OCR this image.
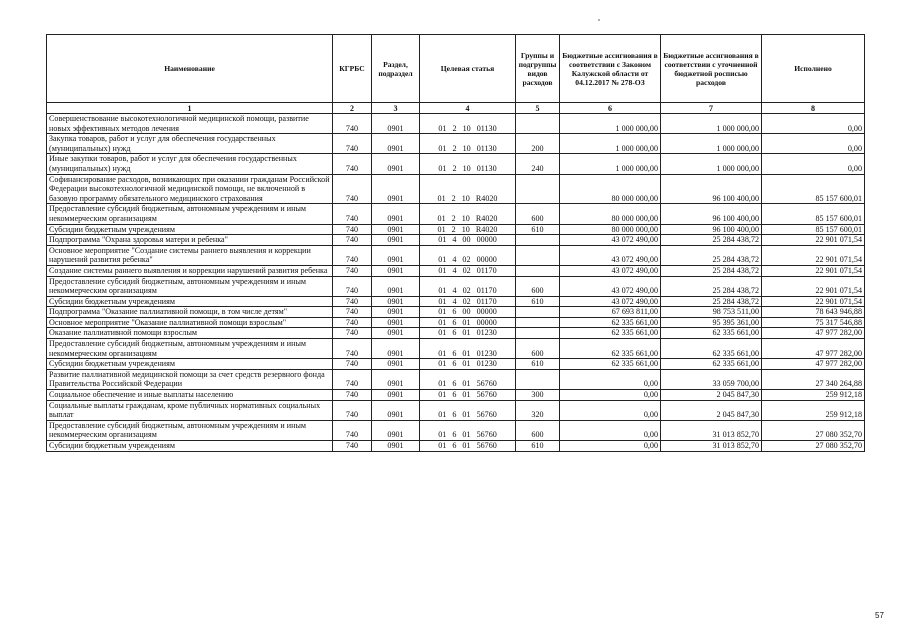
Наименование	КГРБС	Раздел, подраздел	Целевая статья	Группы и подгруппы видов расходов	Бюджетные ассигнования в соответствии с Законом Калужской области от 04.12.2017 № 278-ОЗ	Бюджетные ассигнования в соответствии с уточненной бюджетной росписью расходов	Исполнено
1	2	3	4	5	6	7	8
Совершенствование высокотехнологичной медицинской помощи, развитие новых эффективных методов лечения	740	0901	01  2  10  01130		1 000 000,00	1 000 000,00	0,00
Закупка товаров, работ и услуг для обеспечения государственных (муниципальных) нужд	740	0901	01  2  10  01130	200	1 000 000,00	1 000 000,00	0,00
Иные закупки товаров, работ и услуг для обеспечения государственных (муниципальных) нужд	740	0901	01  2  10  01130	240	1 000 000,00	1 000 000,00	0,00
Софинансирование расходов, возникающих при оказании гражданам Российской Федерации высокотехнологичной медицинской помощи, не включенной в базовую программу обязательного медицинского страхования	740	0901	01  2  10  R4020		80 000 000,00	96 100 400,00	85 157 600,01
Предоставление субсидий бюджетным, автономным учреждениям и иным некоммерческим организациям	740	0901	01  2  10  R4020	600	80 000 000,00	96 100 400,00	85 157 600,01
Субсидии бюджетным учреждениям	740	0901	01  2  10  R4020	610	80 000 000,00	96 100 400,00	85 157 600,01
Подпрограмма "Охрана здоровья матери и ребенка"	740	0901	01  4  00  00000		43 072 490,00	25 284 438,72	22 901 071,54
Основное мероприятие "Создание системы раннего выявления и коррекции нарушений развития ребенка"	740	0901	01  4  02  00000		43 072 490,00	25 284 438,72	22 901 071,54
Создание системы раннего выявления и коррекции нарушений развития ребенка	740	0901	01  4  02  01170		43 072 490,00	25 284 438,72	22 901 071,54
Предоставление субсидий бюджетным, автономным учреждениям и иным некоммерческим организациям	740	0901	01  4  02  01170	600	43 072 490,00	25 284 438,72	22 901 071,54
Субсидии бюджетным учреждениям	740	0901	01  4  02  01170	610	43 072 490,00	25 284 438,72	22 901 071,54
Подпрограмма "Оказание паллиативной помощи, в том числе детям"	740	0901	01  6  00  00000		67 693 811,00	98 753 511,00	78 643 946,88
Основное мероприятие "Оказание паллиативной помощи взрослым"	740	0901	01  6  01  00000		62 335 661,00	95 395 361,00	75 317 546,88
Оказание паллиативной помощи взрослым	740	0901	01  6  01  01230		62 335 661,00	62 335 661,00	47 977 282,00
Предоставление субсидий бюджетным, автономным учреждениям и иным некоммерческим организациям	740	0901	01  6  01  01230	600	62 335 661,00	62 335 661,00	47 977 282,00
Субсидии бюджетным учреждениям	740	0901	01  6  01  01230	610	62 335 661,00	62 335 661,00	47 977 282,00
Развитие паллиативной медицинской помощи за счет средств резервного фонда Правительства Российской Федерации	740	0901	01  6  01  56760		0,00	33 059 700,00	27 340 264,88
Социальное обеспечение и иные выплаты населению	740	0901	01  6  01  56760	300	0,00	2 045 847,30	259 912,18
Социальные выплаты гражданам, кроме публичных нормативных социальных выплат	740	0901	01  6  01  56760	320	0,00	2 045 847,30	259 912,18
Предоставление субсидий бюджетным, автономным учреждениям и иным некоммерческим организациям	740	0901	01  6  01  56760	600	0,00	31 013 852,70	27 080 352,70
Субсидии бюджетным учреждениям	740	0901	01  6  01  56760	610	0,00	31 013 852,70	27 080 352,70
57
